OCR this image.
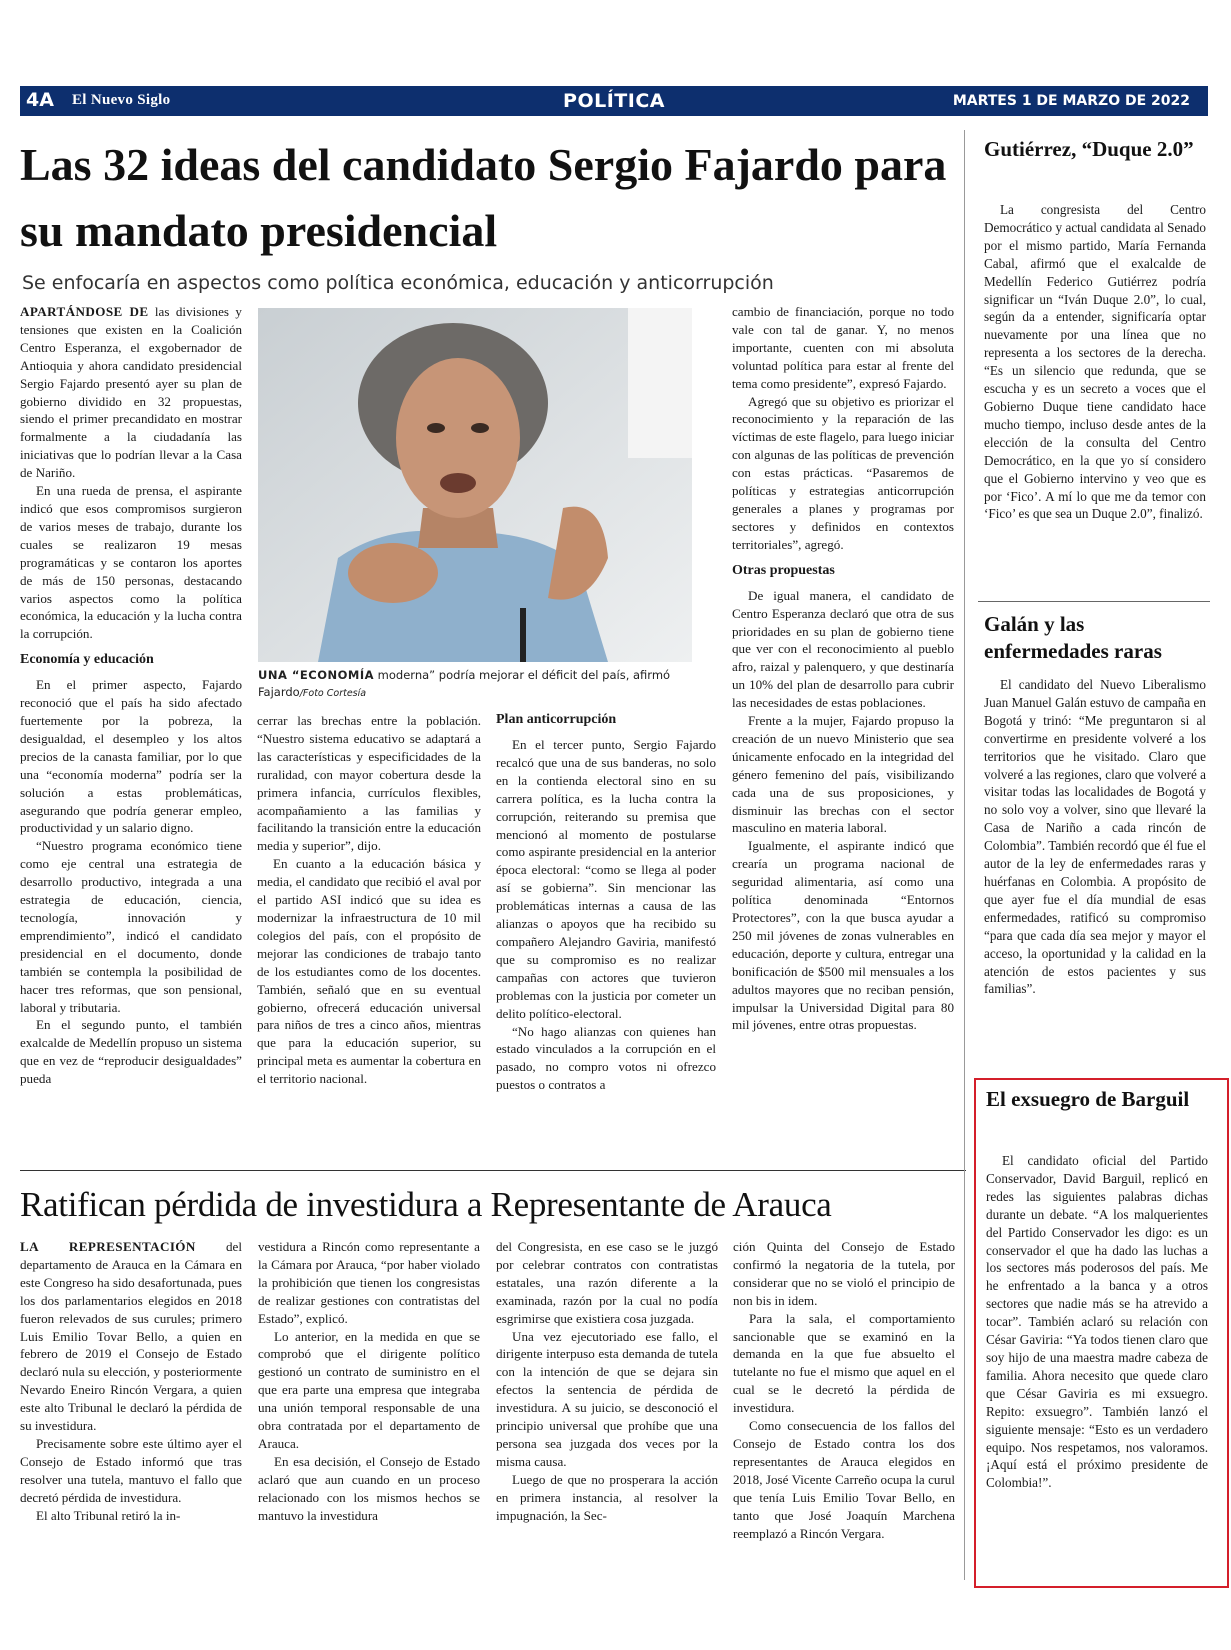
4A El Nuevo Siglo	POLÍTICA	MARTES 1 DE MARZO DE 2022
Las 32 ideas del candidato Sergio Fajardo para su mandato presidencial
Se enfocaría en aspectos como política económica, educación y anticorrupción

APARTÁNDOSE DE las divisiones y tensiones que existen en la Coalición Centro Esperanza, el exgobernador de Antioquia y ahora candidato presidencial Sergio Fajardo presentó ayer su plan de gobierno dividido en 32 propuestas, siendo el primer precandidato en mostrar formalmente a la ciudadanía las iniciativas que lo podrían llevar a la Casa de Nariño.

En una rueda de prensa, el aspirante indicó que esos compromisos surgieron de varios meses de trabajo, durante los cuales se realizaron 19 mesas programáticas y se contaron los aportes de más de 150 personas, destacando varios aspectos como la política económica, la educación y la lucha contra la corrupción.

Economía y educación

En el primer aspecto, Fajardo reconoció que el país ha sido afectado fuertemente por la pobreza, la desigualdad, el desempleo y los altos precios de la canasta familiar, por lo que una “economía moderna” podría ser la solución a estas problemáticas, asegurando que podría generar empleo, productividad y un salario digno.

“Nuestro programa económico tiene como eje central una estrategia de desarrollo productivo, integrada a una estrategia de educación, ciencia, tecnología, innovación y emprendimiento”, indicó el candidato presidencial en el documento, donde también se contempla la posibilidad de hacer tres reformas, que son pensional, laboral y tributaria.

En el segundo punto, el también exalcalde de Medellín propuso un sistema que en vez de “reproducir desigualdades” pueda

UNA “ECONOMÍA moderna” podría mejorar el déficit del país, afirmó Fajardo/Foto Cortesía

cerrar las brechas entre la población. “Nuestro sistema educativo se adaptará a las características y especificidades de la ruralidad, con mayor cobertura desde la primera infancia, currículos flexibles, acompañamiento a las familias y facilitando la transición entre la educación media y superior”, dijo.

En cuanto a la educación básica y media, el candidato que recibió el aval por el partido ASI indicó que su idea es modernizar la infraestructura de 10 mil colegios del país, con el propósito de mejorar las condiciones de trabajo tanto de los estudiantes como de los docentes. También, señaló que en su eventual gobierno, ofrecerá educación universal para niños de tres a cinco años, mientras que para la educación superior, su principal meta es aumentar la cobertura en el territorio nacional.

Plan anticorrupción

En el tercer punto, Sergio Fajardo recalcó que una de sus banderas, no solo en la contienda electoral sino en su carrera política, es la lucha contra la corrupción, reiterando su premisa que mencionó al momento de postularse como aspirante presidencial en la anterior época electoral: “como se llega al poder así se gobierna”. Sin mencionar las problemáticas internas a causa de las alianzas o apoyos que ha recibido su compañero Alejandro Gaviria, manifestó que su compromiso es no realizar campañas con actores que tuvieron problemas con la justicia por cometer un delito político-electoral.

“No hago alianzas con quienes han estado vinculados a la corrupción en el pasado, no compro votos ni ofrezco puestos o contratos a

cambio de financiación, porque no todo vale con tal de ganar. Y, no menos importante, cuenten con mi absoluta voluntad política para estar al frente del tema como presidente”, expresó Fajardo.

Agregó que su objetivo es priorizar el reconocimiento y la reparación de las víctimas de este flagelo, para luego iniciar con algunas de las políticas de prevención con estas prácticas. “Pasaremos de políticas y estrategias anticorrupción generales a planes y programas por sectores y definidos en contextos territoriales”, agregó.

Otras propuestas

De igual manera, el candidato de Centro Esperanza declaró que otra de sus prioridades en su plan de gobierno tiene que ver con el reconocimiento al pueblo afro, raizal y palenquero, y que destinaría un 10% del plan de desarrollo para cubrir las necesidades de estas poblaciones.

Frente a la mujer, Fajardo propuso la creación de un nuevo Ministerio que sea únicamente enfocado en la integridad del género femenino del país, visibilizando cada una de sus proposiciones, y disminuir las brechas con el sector masculino en materia laboral.

Igualmente, el aspirante indicó que crearía un programa nacional de seguridad alimentaria, así como una política denominada “Entornos Protectores”, con la que busca ayudar a 250 mil jóvenes de zonas vulnerables en educación, deporte y cultura, entregar una bonificación de $500 mil mensuales a los adultos mayores que no reciban pensión, impulsar la Universidad Digital para 80 mil jóvenes, entre otras propuestas.

Ratifican pérdida de investidura a Representante de Arauca

LA REPRESENTACIÓN del departamento de Arauca en la Cámara en este Congreso ha sido desafortunada, pues los dos parlamentarios elegidos en 2018 fueron relevados de sus curules; primero Luis Emilio Tovar Bello, a quien en febrero de 2019 el Consejo de Estado declaró nula su elección, y posteriormente Nevardo Eneiro Rincón Vergara, a quien este alto Tribunal le declaró la pérdida de su investidura.

Precisamente sobre este último ayer el Consejo de Estado informó que tras resolver una tutela, mantuvo el fallo que decretó pérdida de investidura.

El alto Tribunal retiró la in-

vestidura a Rincón como representante a la Cámara por Arauca, “por haber violado la prohibición que tienen los congresistas de realizar gestiones con contratistas del Estado”, explicó.

Lo anterior, en la medida en que se comprobó que el dirigente político gestionó un contrato de suministro en el que era parte una empresa que integraba una unión temporal responsable de una obra contratada por el departamento de Arauca.

En esa decisión, el Consejo de Estado aclaró que aun cuando en un proceso relacionado con los mismos hechos se mantuvo la investidura

del Congresista, en ese caso se le juzgó por celebrar contratos con contratistas estatales, una razón diferente a la examinada, razón por la cual no podía esgrimirse que existiera cosa juzgada.

Una vez ejecutoriado ese fallo, el dirigente interpuso esta demanda de tutela con la intención de que se dejara sin efectos la sentencia de pérdida de investidura. A su juicio, se desconoció el principio universal que prohíbe que una persona sea juzgada dos veces por la misma causa.

Luego de que no prosperara la acción en primera instancia, al resolver la impugnación, la Sec-

ción Quinta del Consejo de Estado confirmó la negatoria de la tutela, por considerar que no se violó el principio de non bis in idem.

Para la sala, el comportamiento sancionable que se examinó en la demanda en la que fue absuelto el tutelante no fue el mismo que aquel en el cual se le decretó la pérdida de investidura.

Como consecuencia de los fallos del Consejo de Estado contra los dos representantes de Arauca elegidos en 2018, José Vicente Carreño ocupa la curul que tenía Luis Emilio Tovar Bello, en tanto que José Joaquín Marchena reemplazó a Rincón Vergara.

Gutiérrez, “Duque 2.0”

La congresista del Centro Democrático y actual candidata al Senado por el mismo partido, María Fernanda Cabal, afirmó que el exalcalde de Medellín Federico Gutiérrez podría significar un “Iván Duque 2.0”, lo cual, según da a entender, significaría optar nuevamente por una línea que no representa a los sectores de la derecha. “Es un silencio que redunda, que se escucha y es un secreto a voces que el Gobierno Duque tiene candidato hace mucho tiempo, incluso desde antes de la elección de la consulta del Centro Democrático, en la que yo sí considero que el Gobierno intervino y veo que es por ‘Fico’. A mí lo que me da temor con ‘Fico’ es que sea un Duque 2.0”, finalizó.

Galán y las enfermedades raras

El candidato del Nuevo Liberalismo Juan Manuel Galán estuvo de campaña en Bogotá y trinó: “Me preguntaron si al convertirme en presidente volveré a los territorios que he visitado. Claro que volveré a las regiones, claro que volveré a visitar todas las localidades de Bogotá y no solo voy a volver, sino que llevaré la Casa de Nariño a cada rincón de Colombia”. También recordó que él fue el autor de la ley de enfermedades raras y huérfanas en Colombia. A propósito de que ayer fue el día mundial de esas enfermedades, ratificó su compromiso “para que cada día sea mejor y mayor el acceso, la oportunidad y la calidad en la atención de estos pacientes y sus familias”.

El exsuegro de Barguil

El candidato oficial del Partido Conservador, David Barguil, replicó en redes las siguientes palabras dichas durante un debate. “A los malquerientes del Partido Conservador les digo: es un conservador el que ha dado las luchas a los sectores más poderosos del país. Me he enfrentado a la banca y a otros sectores que nadie más se ha atrevido a tocar”. También aclaró su relación con César Gaviria: “Ya todos tienen claro que soy hijo de una maestra madre cabeza de familia. Ahora necesito que quede claro que César Gaviria es mi exsuegro. Repito: exsuegro”. También lanzó el siguiente mensaje: “Esto es un verdadero equipo. Nos respetamos, nos valoramos. ¡Aquí está el próximo presidente de Colombia!”.
